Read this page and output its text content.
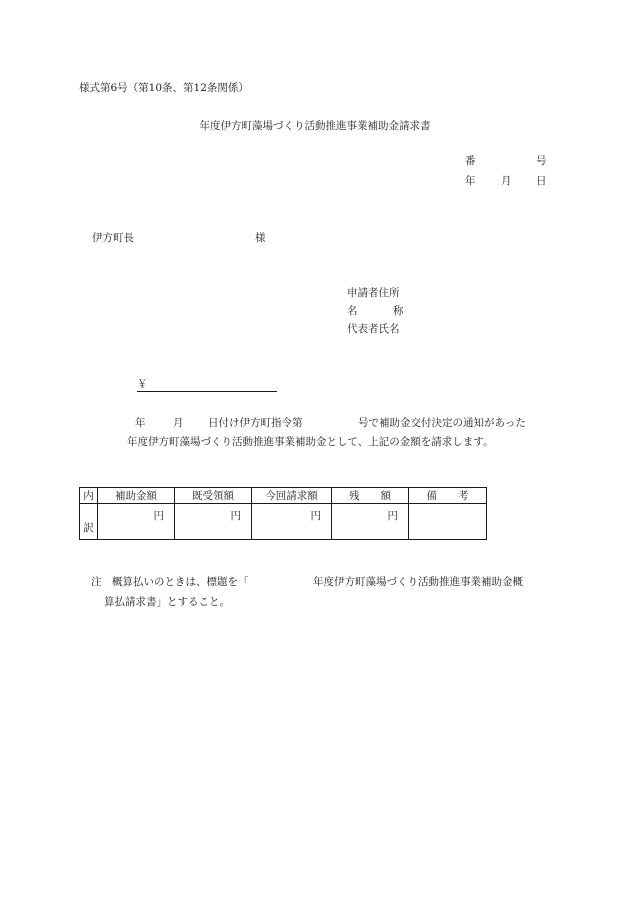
様式第6号（第10条、第12条関係）
年度伊方町藻場づくり活動推進事業補助金請求書
番	号
年 月 日
伊方町長	様
申請者住所
名	称
代表者氏名
￥
年	月 日付け伊方町指令第	号で補助金交付決定の通知があった
年度伊方町藻場づくり活動推進事業補助金として、上記の金額を請求します。
内	補助金額	既受領額	今回請求額	残　　額	備　　考
訳	円	円	円	円	
注　概算払いのときは、標題を「	年度伊方町藻場づくり活動推進事業補助金概
算払請求書」とすること。
